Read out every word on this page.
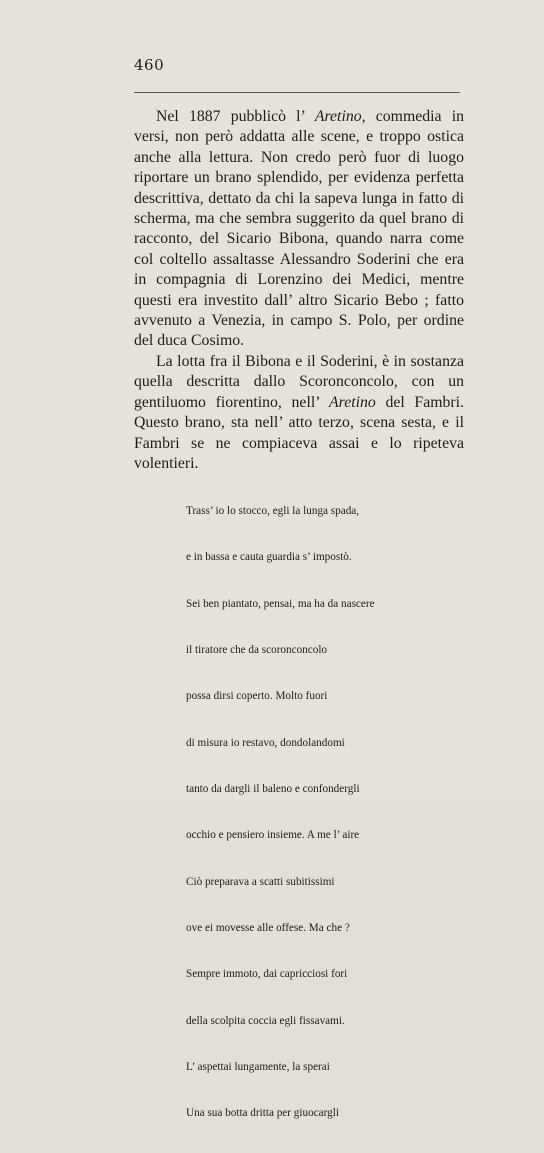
460

Nel 1887 pubblicò l’ Aretino, commedia in versi, non però addatta alle scene, e troppo ostica anche alla lettura. Non credo però fuor di luogo riportare un brano splendido, per evidenza perfetta descrittiva, dettato da chi la sapeva lunga in fatto di scherma, ma che sembra suggerito da quel brano di racconto, del Sicario Bibona, quando narra come col coltello assaltasse Alessandro Soderini che era in compagnia di Lorenzino dei Medici, mentre questi era investito dall’ altro Sicario Bebo ; fatto avvenuto a Venezia, in campo S. Polo, per ordine del duca Cosimo.

La lotta fra il Bibona e il Soderini, è in sostanza quella descritta dallo Scoronconcolo, con un gentiluomo fiorentino, nell’ Aretino del Fambri. Questo brano, sta nell’ atto terzo, scena sesta, e il Fambri se ne compiaceva assai e lo ripeteva volentieri.

Trass’ io lo stocco, egli la lunga spada,

e in bassa e cauta guardia s’ impostò.

Sei ben piantato, pensai, ma ha da nascere

il tiratore che da scoronconcolo

possa dirsi coperto. Molto fuori

di misura io restavo, dondolandomi

tanto da dargli il baleno e confondergli

occhio e pensiero insieme. A me l’ aire

Ciò preparava a scatti subitissimi

ove ei movesse alle offese. Ma che ?

Sempre immoto, dai capricciosi fori

della scolpita coccia egli fissavami.

L’ aspettai lungamente, la sperai

Una sua botta dritta per giuocargli
